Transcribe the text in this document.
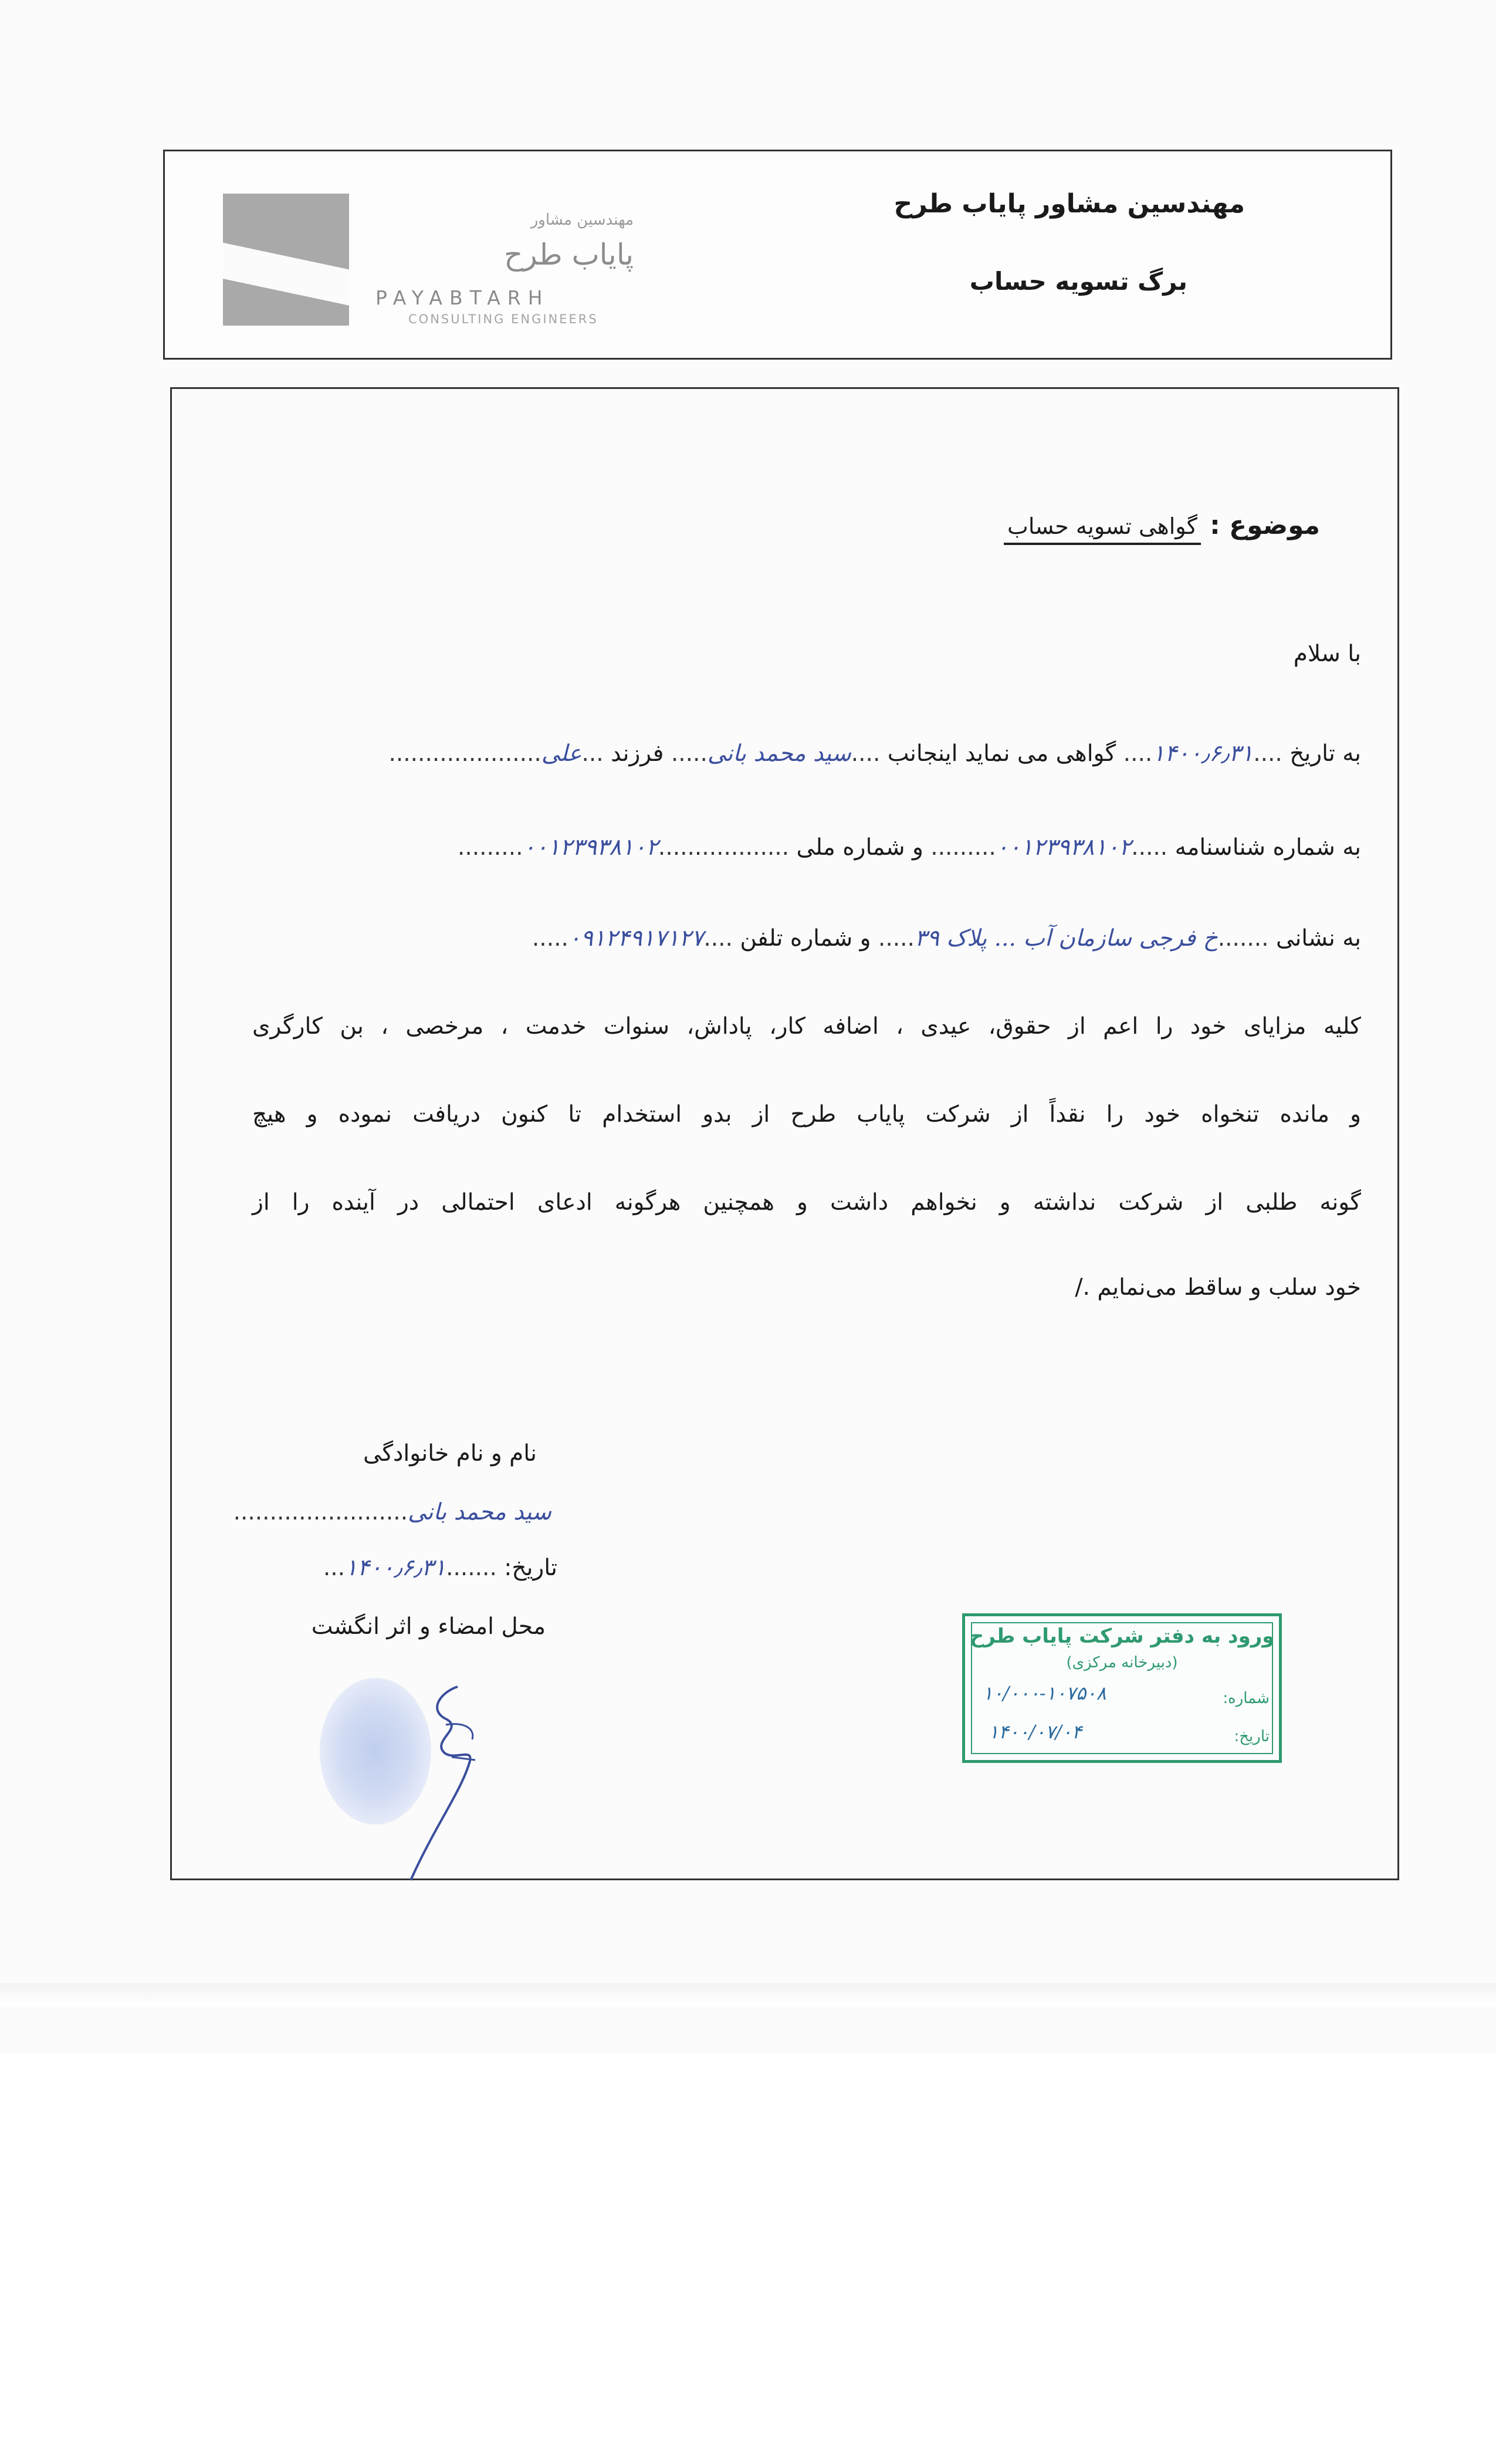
مهندسین مشاور
پایاب طرح
PAYABTARH
CONSULTING ENGINEERS
مهندسین مشاور پایاب طرح
برگ تسویه حساب
موضوع : گواهی تسویه حساب
با سلام
به تاریخ ....۱۴۰۰٫۶٫۳۱.... گواهی می نماید اینجانب ....سید محمد بانی..... فرزند ...علی.....................
به شماره شناسنامه .....۰۰۱۲۳۹۳۸۱۰۲......... و شماره ملی ..................۰۰۱۲۳۹۳۸۱۰۲.........
به نشانی .......خ فرجی سازمان آب ... پلاک ۳۹..... و شماره تلفن ....۰۹۱۲۴۹۱۷۱۲۷.....
کلیه مزایای خود را اعم از حقوق، عیدی ، اضافه کار، پاداش، سنوات خدمت ، مرخصی ، بن کارگری
و مانده تنخواه خود را نقداً از شرکت پایاب طرح از بدو استخدام تا کنون دریافت نموده و هیچ
گونه طلبی از شرکت نداشته و نخواهم داشت و همچنین هرگونه ادعای احتمالی در آینده را از
خود سلب و ساقط می‌نمایم ./
نام و نام خانوادگی
سید محمد بانی........................
تاریخ: .......۱۴۰۰٫۶٫۳۱...
محل امضاء و اثر انگشت	ورود به دفتر شرکت پایاب طرح
(دبیرخانه مرکزی)
شماره:
۱۰/۰۰۰-۱۰۷۵۰۸
تاریخ:
۱۴۰۰/۰۷/۰۴
